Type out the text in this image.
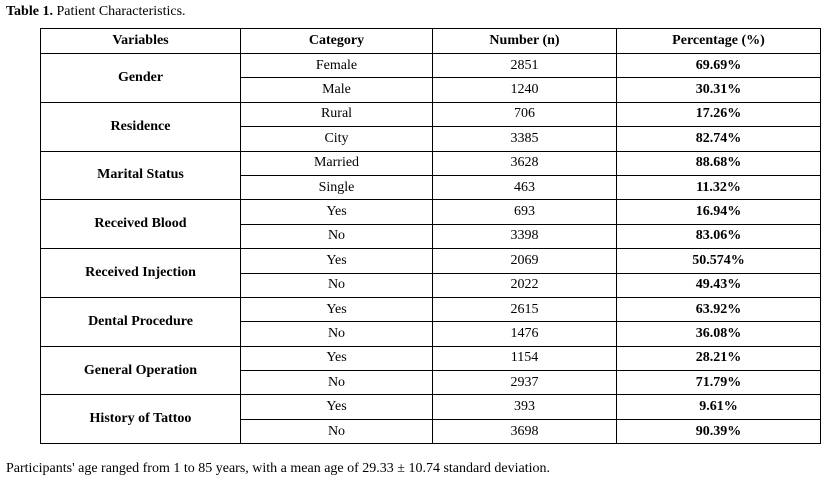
Table 1. Patient Characteristics.
Variables	Category	Number (n)	Percentage (%)
Gender	Female	2851	69.69%
	Male	1240	30.31%
Residence	Rural	706	17.26%
	City	3385	82.74%
Marital Status	Married	3628	88.68%
	Single	463	11.32%
Received Blood	Yes	693	16.94%
	No	3398	83.06%
Received Injection	Yes	2069	50.574%
	No	2022	49.43%
Dental Procedure	Yes	2615	63.92%
	No	1476	36.08%
General Operation	Yes	1154	28.21%
	No	2937	71.79%
History of Tattoo	Yes	393	9.61%
	No	3698	90.39%
Participants' age ranged from 1 to 85 years, with a mean age of 29.33 ± 10.74 standard deviation.
